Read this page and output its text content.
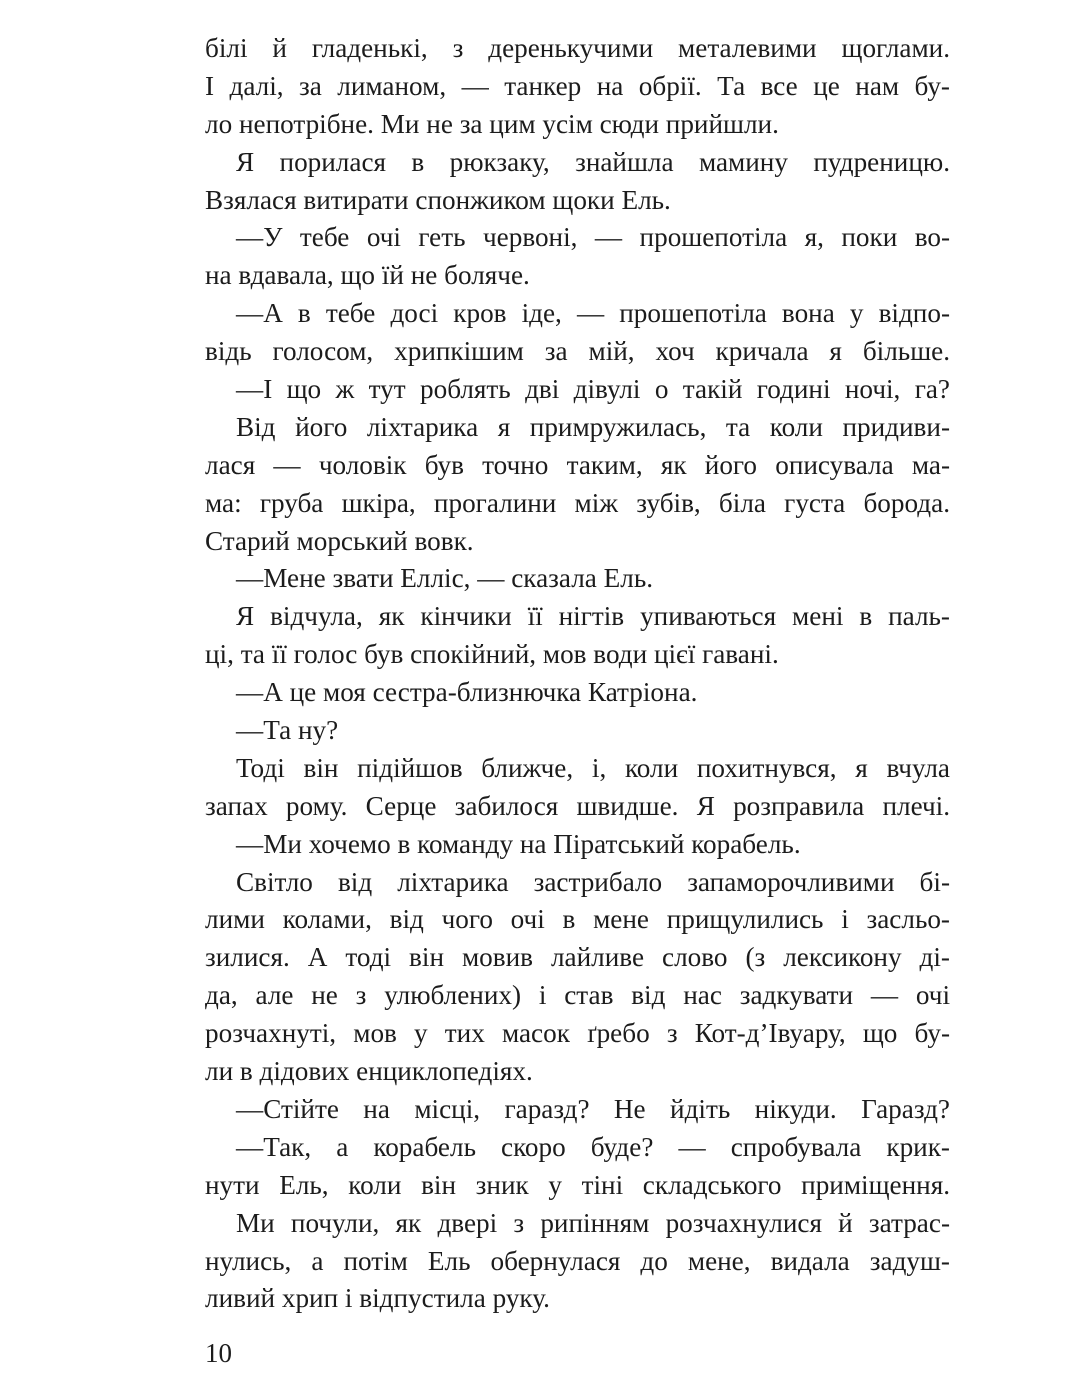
білі й гладенькі, з деренькучими металевими щоглами.
І далі, за лиманом, — танкер на обрії. Та все це нам бу-
ло непотрібне. Ми не за цим усім сюди прийшли.
Я порилася в рюкзаку, знайшла мамину пудреницю.
Взялася витирати спонжиком щоки Ель.
—У тебе очі геть червоні, — прошепотіла я, поки во-
на вдавала, що їй не боляче.
—А в тебе досі кров іде, — прошепотіла вона у відпо-
відь голосом, хрипкішим за мій, хоч кричала я більше.
—І що ж тут роблять дві дівулі о такій годині ночі, га?
Від його ліхтарика я примружилась, та коли придиви-
лася — чоловік був точно таким, як його описувала ма-
ма: груба шкіра, прогалини між зубів, біла густа борода.
Старий морський вовк.
—Мене звати Елліс, — сказала Ель.
Я відчула, як кінчики її нігтів упиваються мені в паль-
ці, та її голос був спокійний, мов води цієї гавані.
—А це моя сестра-близнючка Катріона.
—Та ну?
Тоді він підійшов ближче, і, коли похитнувся, я вчула
запах рому. Серце забилося швидше. Я розправила плечі.
—Ми хочемо в команду на Піратський корабель.
Світло від ліхтарика застрибало запаморочливими бі-
лими колами, від чого очі в мене прищулились і засльо-
зилися. А тоді він мовив лайливе слово (з лексикону ді-
да, але не з улюблених) і став від нас задкувати — очі
розчахнуті, мов у тих масок ґребо з Кот-д’Івуару, що бу-
ли в дідових енциклопедіях.
—Стійте на місці, гаразд? Не йдіть нікуди. Гаразд?
—Так, а корабель скоро буде? — спробувала крик-
нути Ель, коли він зник у тіні складського приміщення.
Ми почули, як двері з рипінням розчахнулися й затрас-
нулись, а потім Ель обернулася до мене, видала задуш-
ливий хрип і відпустила руку.
10
